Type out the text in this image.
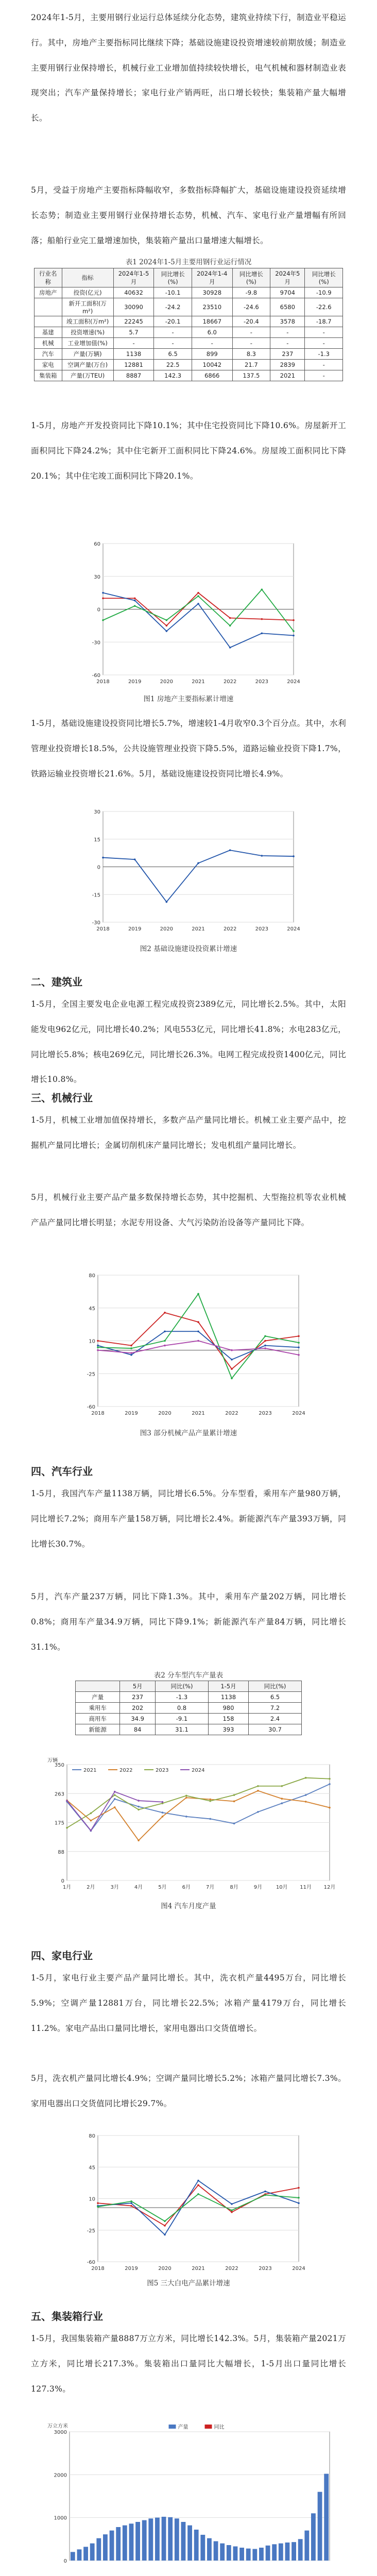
2024年1-5月，主要用钢行业运行总体延续分化态势，建筑业持续下行，制造业平稳运行。其中，房地产主要指标同比继续下降；基础设施建设投资增速较前期放缓；制造业主要用钢行业保持增长，机械行业工业增加值持续较快增长，电气机械和器材制造业表现突出；汽车产量保持增长；家电行业产销两旺，出口增长较快；集装箱产量大幅增长。

5月，受益于房地产主要指标降幅收窄，多数指标降幅扩大，基础设施建设投资延续增长态势；制造业主要用钢行业保持增长态势，机械、汽车、家电行业产量增幅有所回落；船舶行业完工量增速加快，集装箱产量出口量增速大幅增长。

表1 2024年1-5月主要用钢行业运行情况

行业名称	指标	2024年1-5月	同比增长(%)	2024年1-4月	同比增长(%)	2024年5月	同比增长(%)
房地产	投资(亿元)	40632	-10.1	30928	-9.8	9704	-10.9
	新开工面积(万m²)	30090	-24.2	23510	-24.6	6580	-22.6
	竣工面积(万m²)	22245	-20.1	18667	-20.4	3578	-18.7
基建	投资增速(%)	5.7	-	6.0	-	-	-
机械	工业增加值(%)	-	-	-	-	-	-
汽车	产量(万辆)	1138	6.5	899	8.3	237	-1.3
家电	空调产量(万台)	12881	22.5	10042	21.7	2839	-
集装箱	产量(万TEU)	8887	142.3	6866	137.5	2021	-

1-5月，房地产开发投资同比下降10.1%；其中住宅投资同比下降10.6%。房屋新开工面积同比下降24.2%；其中住宅新开工面积同比下降24.6%。房屋竣工面积同比下降20.1%；其中住宅竣工面积同比下降20.1%。

-60
-30
0
30
60
2018	2019	2020	2021	2022	2023	2024

图1 房地产主要指标累计增速

1-5月，基础设施建设投资同比增长5.7%，增速较1-4月收窄0.3个百分点。其中，水利管理业投资增长18.5%，公共设施管理业投资下降5.5%，道路运输业投资下降1.7%，铁路运输业投资增长21.6%。5月，基础设施建设投资同比增长4.9%。

-30
-15
0
15
30
2018	2019	2020	2021	2022	2023	2024

图2 基础设施建设投资累计增速

二、建筑业

1-5月，全国主要发电企业电源工程完成投资2389亿元，同比增长2.5%。其中，太阳能发电962亿元，同比增长40.2%；风电553亿元，同比增长41.8%；水电283亿元，同比增长5.8%；核电269亿元，同比增长26.3%。电网工程完成投资1400亿元，同比增长10.8%。

三、机械行业

1-5月，机械工业增加值保持增长，多数产品产量同比增长。机械工业主要产品中，挖掘机产量同比增长；金属切削机床产量同比增长；发电机组产量同比增长。

5月，机械行业主要产品产量多数保持增长态势，其中挖掘机、大型拖拉机等农业机械产品产量同比增长明显；水泥专用设备、大气污染防治设备等产量同比下降。

-60
-25
10
45
80
2018	2019	2020	2021	2022	2023	2024

图3 部分机械产品产量累计增速

四、汽车行业

1-5月，我国汽车产量1138万辆，同比增长6.5%。分车型看，乘用车产量980万辆，同比增长7.2%；商用车产量158万辆，同比增长2.4%。新能源汽车产量393万辆，同比增长30.7%。

5月，汽车产量237万辆，同比下降1.3%。其中，乘用车产量202万辆，同比增长0.8%；商用车产量34.9万辆，同比下降9.1%；新能源汽车产量84万辆，同比增长31.1%。

表2 分车型汽车产量表

	5月	同比(%)	1-5月	同比(%)
产量	237	-1.3	1138	6.5
乘用车	202	0.8	980	7.2
商用车	34.9	-9.1	158	2.4
新能源	84	31.1	393	30.7
0
88
175
263
350
1月	2月	3月	4月	5月	6月	7月	8月	9月	10月 11月 12月
2021	2022	2023	2024
万辆

图4 汽车月度产量

四、家电行业

1-5月，家电行业主要产品产量同比增长。其中，洗衣机产量4495万台，同比增长5.9%；空调产量12881万台，同比增长22.5%；冰箱产量4179万台，同比增长11.2%。家电产品出口量同比增长，家用电器出口交货值增长。

5月，洗衣机产量同比增长4.9%；空调产量同比增长5.2%；冰箱产量同比增长7.3%。家用电器出口交货值同比增长29.7%。

-60
-25
10
45
80
2018	2019	2020	2021	2022	2023	2024

图5 三大白电产品累计增速

五、集装箱行业

1-5月，我国集装箱产量8887万立方米，同比增长142.3%。5月，集装箱产量2021万立方米，同比增长217.3%。集装箱出口量同比大幅增长，1-5月出口量同比增长127.3%。

0
1000
2000
3000
万立方米	产量	同比
